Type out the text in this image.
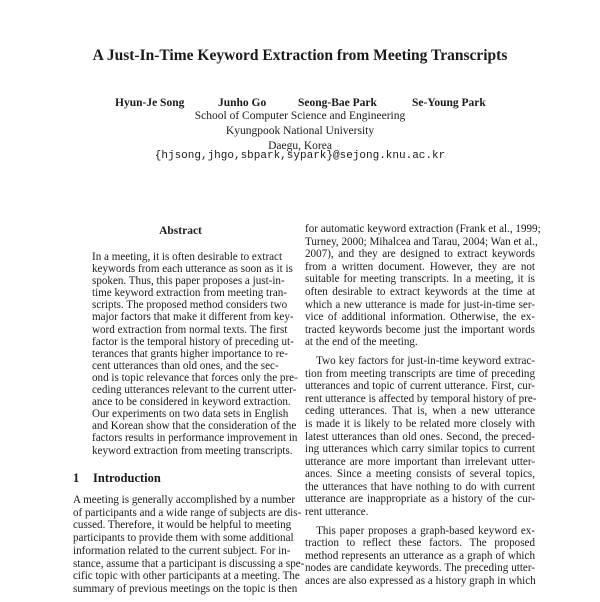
A Just-In-Time Keyword Extraction from Meeting Transcripts
Hyun-Je Song	Junho Go	Seong-Bae Park	Se-Young Park
School of Computer Science and Engineering
Kyungpook National University
Daegu, Korea
{hjsong,jhgo,sbpark,sypark}@sejong.knu.ac.kr
Abstract
In a meeting, it is often desirable to extract
keywords from each utterance as soon as it is
spoken. Thus, this paper proposes a just-in-
time keyword extraction from meeting tran-
scripts. The proposed method considers two
major factors that make it different from key-
word extraction from normal texts. The first
factor is the temporal history of preceding ut-
terances that grants higher importance to re-
cent utterances than old ones, and the sec-
ond is topic relevance that forces only the pre-
ceding utterances relevant to the current utter-
ance to be considered in keyword extraction.
Our experiments on two data sets in English
and Korean show that the consideration of the
factors results in performance improvement in
keyword extraction from meeting transcripts.
1 Introduction
A meeting is generally accomplished by a number
of participants and a wide range of subjects are dis-
cussed. Therefore, it would be helpful to meeting
participants to provide them with some additional
information related to the current subject. For in-
stance, assume that a participant is discussing a spe-
cific topic with other participants at a meeting. The
summary of previous meetings on the topic is then
for automatic keyword extraction (Frank et al., 1999;
Turney, 2000; Mihalcea and Tarau, 2004; Wan et al.,
2007), and they are designed to extract keywords
from a written document. However, they are not
suitable for meeting transcripts. In a meeting, it is
often desirable to extract keywords at the time at
which a new utterance is made for just-in-time ser-
vice of additional information. Otherwise, the ex-
tracted keywords become just the important words
at the end of the meeting.
 Two key factors for just-in-time keyword extrac-
tion from meeting transcripts are time of preceding
utterances and topic of current utterance. First, cur-
rent utterance is affected by temporal history of pre-
ceding utterances. That is, when a new utterance
is made it is likely to be related more closely with
latest utterances than old ones. Second, the preced-
ing utterances which carry similar topics to current
utterance are more important than irrelevant utter-
ances. Since a meeting consists of several topics,
the utterances that have nothing to do with current
utterance are inappropriate as a history of the cur-
rent utterance.
 This paper proposes a graph-based keyword ex-
traction to reflect these factors. The proposed
method represents an utterance as a graph of which
nodes are candidate keywords. The preceding utter-
ances are also expressed as a history graph in which
